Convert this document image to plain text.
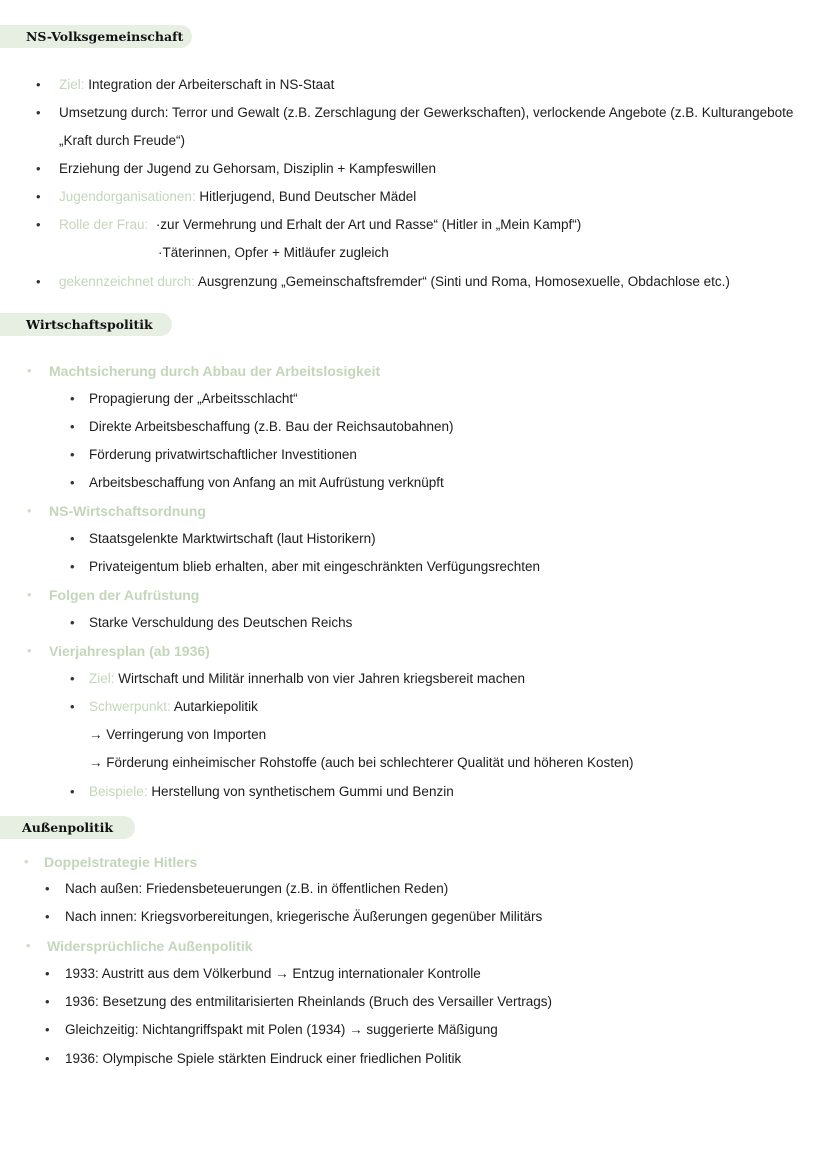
NS-Volksgemeinschaft
• Ziel: Integration der Arbeiterschaft in NS-Staat
• Umsetzung durch: Terror und Gewalt (z.B. Zerschlagung der Gewerkschaften), verlockende Angebote (z.B. Kulturangebote
„Kraft durch Freude“)
• Erziehung der Jugend zu Gehorsam, Disziplin + Kampfeswillen
• Jugendorganisationen: Hitlerjugend, Bund Deutscher Mädel
• Rolle der Frau: ·zur Vermehrung und Erhalt der Art und Rasse“ (Hitler in „Mein Kampf“)
·Täterinnen, Opfer + Mitläufer zugleich
• gekennzeichnet durch: Ausgrenzung „Gemeinschaftsfremder“ (Sinti und Roma, Homosexuelle, Obdachlose etc.)
Wirtschaftspolitik
• Machtsicherung durch Abbau der Arbeitslosigkeit
• Propagierung der „Arbeitsschlacht“
• Direkte Arbeitsbeschaffung (z.B. Bau der Reichsautobahnen)
• Förderung privatwirtschaftlicher Investitionen
• Arbeitsbeschaffung von Anfang an mit Aufrüstung verknüpft
• NS-Wirtschaftsordnung
• Staatsgelenkte Marktwirtschaft (laut Historikern)
• Privateigentum blieb erhalten, aber mit eingeschränkten Verfügungsrechten
• Folgen der Aufrüstung
• Starke Verschuldung des Deutschen Reichs
• Vierjahresplan (ab 1936)
• Ziel: Wirtschaft und Militär innerhalb von vier Jahren kriegsbereit machen
• Schwerpunkt: Autarkiepolitik
→ Verringerung von Importen
→ Förderung einheimischer Rohstoffe (auch bei schlechterer Qualität und höheren Kosten)
• Beispiele: Herstellung von synthetischem Gummi und Benzin
Außenpolitik
• Doppelstrategie Hitlers
• Nach außen: Friedensbeteuerungen (z.B. in öffentlichen Reden)
• Nach innen: Kriegsvorbereitungen, kriegerische Äußerungen gegenüber Militärs
• Widersprüchliche Außenpolitik
• 1933: Austritt aus dem Völkerbund → Entzug internationaler Kontrolle
• 1936: Besetzung des entmilitarisierten Rheinlands (Bruch des Versailler Vertrags)
• Gleichzeitig: Nichtangriffspakt mit Polen (1934) → suggerierte Mäßigung
• 1936: Olympische Spiele stärkten Eindruck einer friedlichen Politik
